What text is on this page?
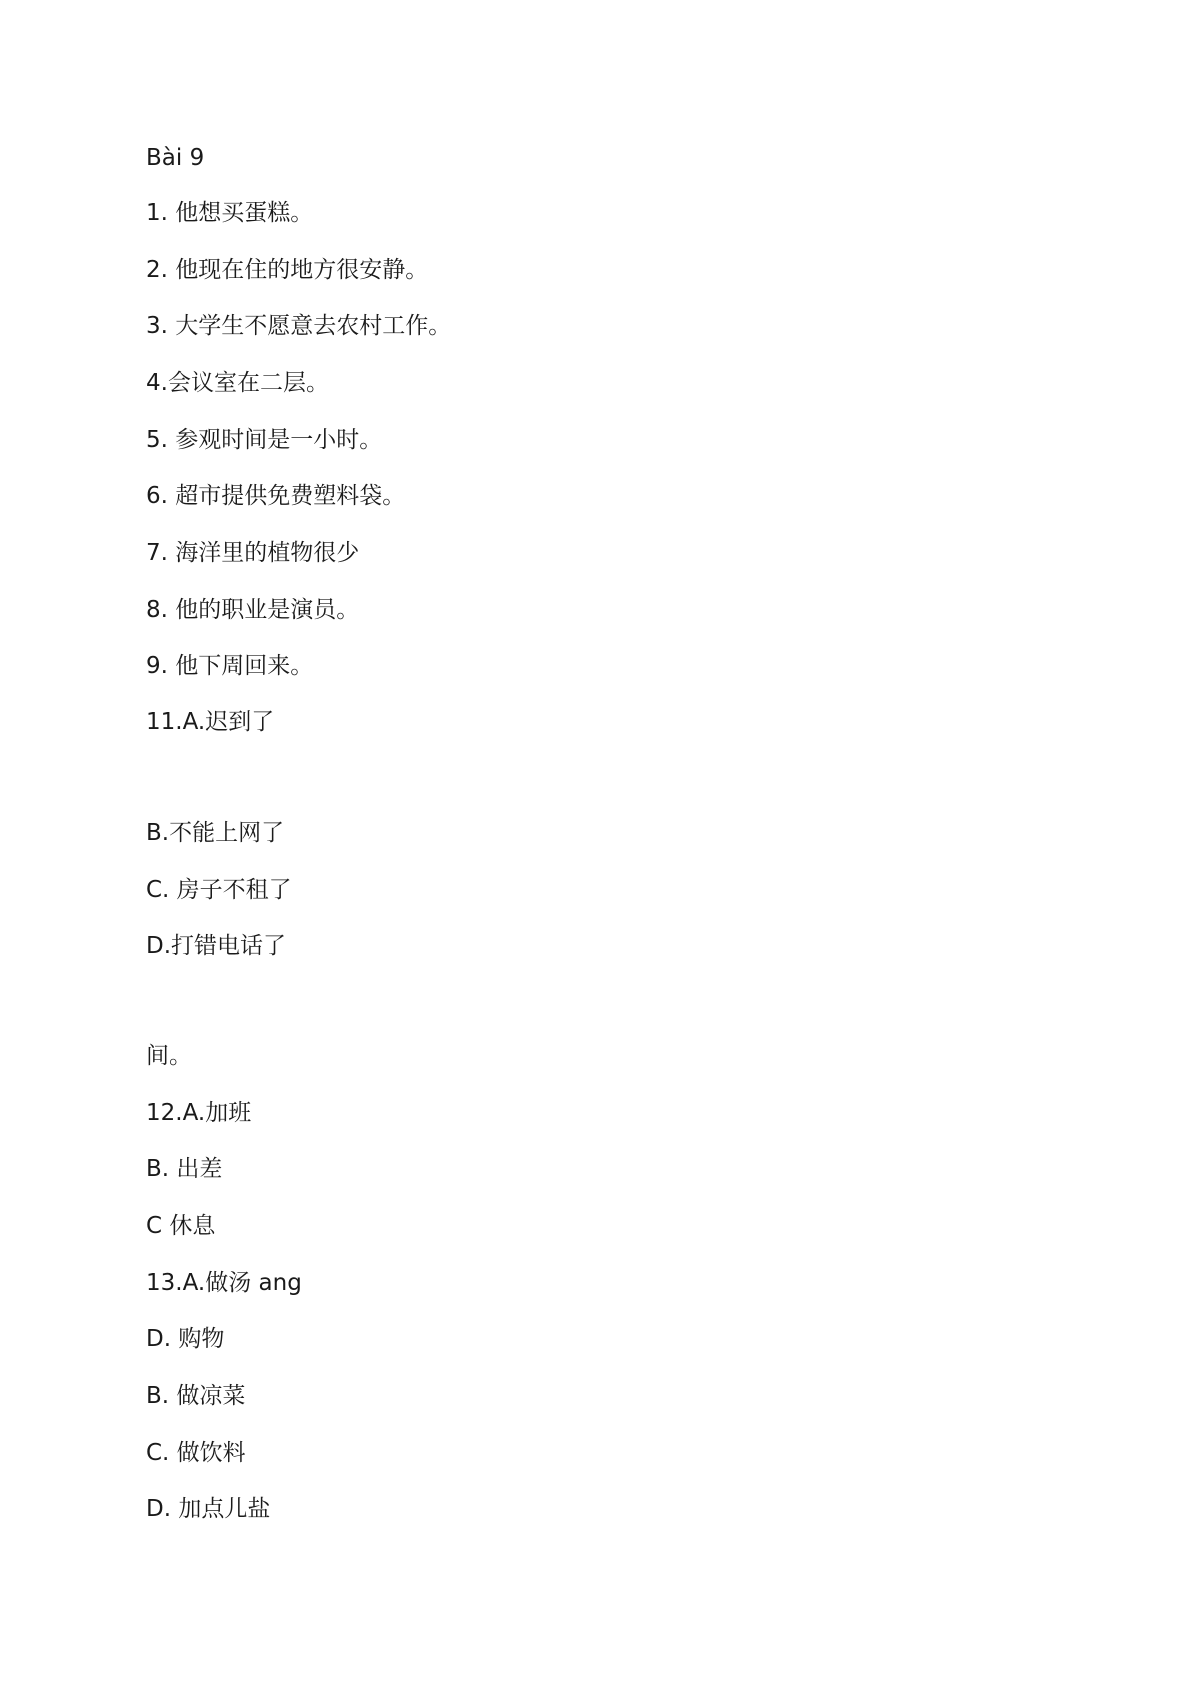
Bài 9
1. 他想买蛋糕。
2. 他现在住的地方很安静。
3. 大学生不愿意去农村工作。
4.会议室在二层。
5. 参观时间是一小时。
6. 超市提供免费塑料袋。
7. 海洋里的植物很少
8. 他的职业是演员。
9. 他下周回来。
11.A.迟到了
B.不能上网了
C. 房子不租了
D.打错电话了
间。
12.A.加班
B. 出差
C 休息
13.A.做汤 ang
D. 购物
B. 做凉菜
C. 做饮料
D. 加点儿盐
